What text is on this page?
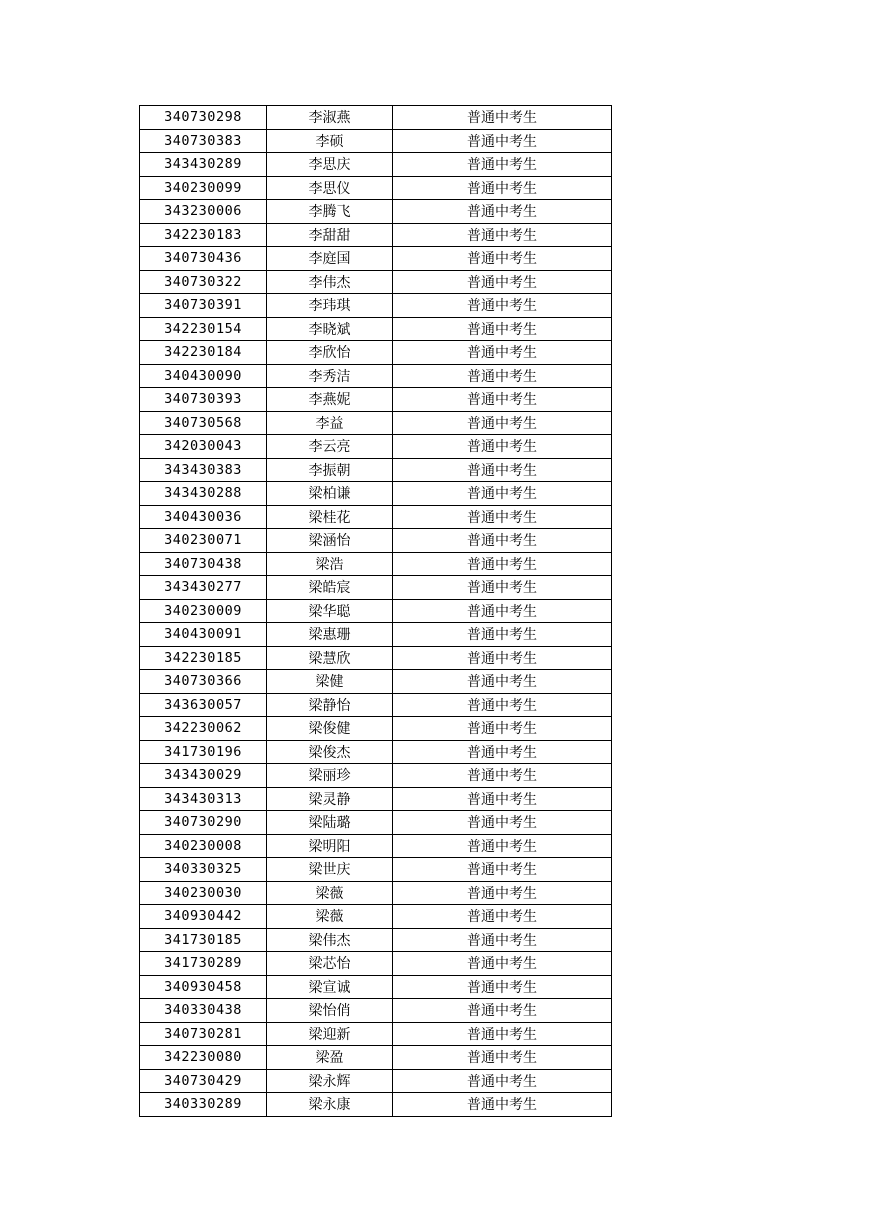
340730298	李淑燕	普通中考生
340730383	李硕	普通中考生
343430289	李思庆	普通中考生
340230099	李思仪	普通中考生
343230006	李腾飞	普通中考生
342230183	李甜甜	普通中考生
340730436	李庭国	普通中考生
340730322	李伟杰	普通中考生
340730391	李玮琪	普通中考生
342230154	李晓斌	普通中考生
342230184	李欣怡	普通中考生
340430090	李秀洁	普通中考生
340730393	李燕妮	普通中考生
340730568	李益	普通中考生
342030043	李云亮	普通中考生
343430383	李振朝	普通中考生
343430288	梁柏谦	普通中考生
340430036	梁桂花	普通中考生
340230071	梁涵怡	普通中考生
340730438	梁浩	普通中考生
343430277	梁皓宸	普通中考生
340230009	梁华聪	普通中考生
340430091	梁惠珊	普通中考生
342230185	梁慧欣	普通中考生
340730366	梁健	普通中考生
343630057	梁静怡	普通中考生
342230062	梁俊健	普通中考生
341730196	梁俊杰	普通中考生
343430029	梁丽珍	普通中考生
343430313	梁灵静	普通中考生
340730290	梁陆璐	普通中考生
340230008	梁明阳	普通中考生
340330325	梁世庆	普通中考生
340230030	梁薇	普通中考生
340930442	梁薇	普通中考生
341730185	梁伟杰	普通中考生
341730289	梁芯怡	普通中考生
340930458	梁宣诚	普通中考生
340330438	梁怡俏	普通中考生
340730281	梁迎新	普通中考生
342230080	梁盈	普通中考生
340730429	梁永辉	普通中考生
340330289	梁永康	普通中考生
